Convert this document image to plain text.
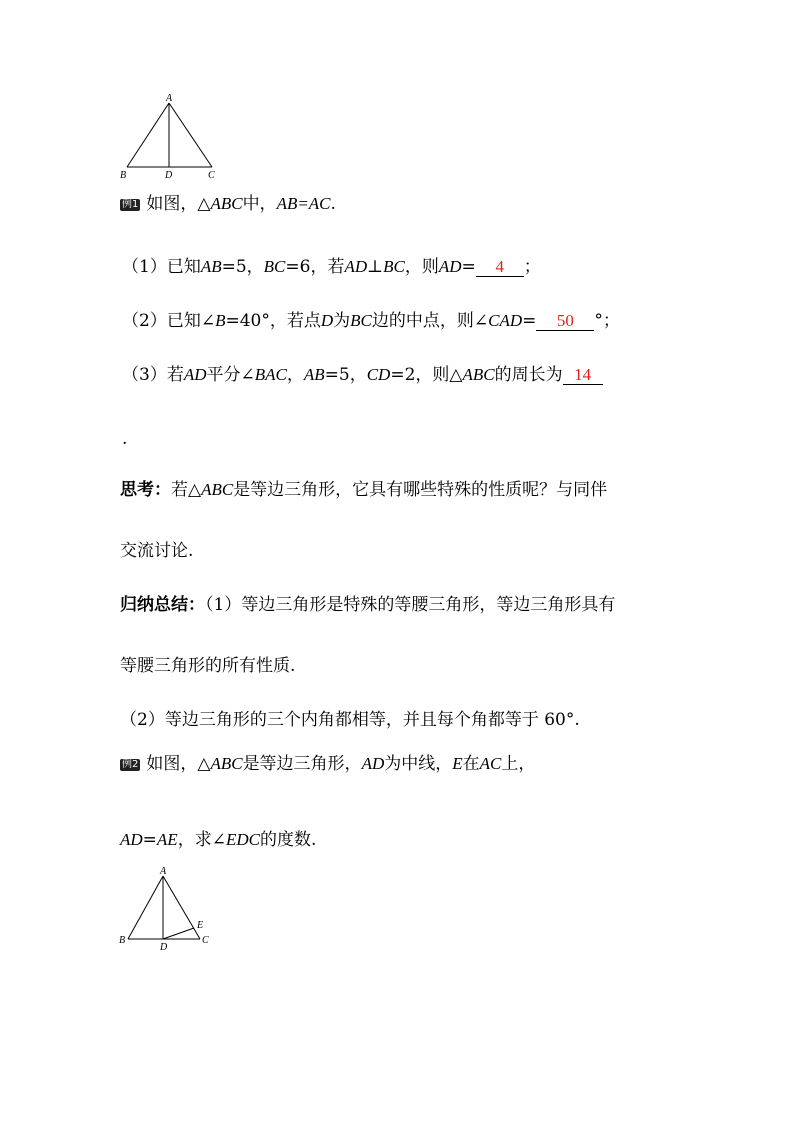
A
B	D	C
例1 如图，△ABC中，AB=AC.
（1）已知AB=5，BC=6，若AD⊥BC，则AD= 4 ；
（2）已知∠B=40°，若点D为BC边的中点，则∠CAD= 50 °；
（3）若AD平分∠BAC，AB=5，CD=2，则△ABC的周长为 14
.
思考：若△ABC是等边三角形，它具有哪些特殊的性质呢？与同伴
交流讨论.
归纳总结：（1）等边三角形是特殊的等腰三角形，等边三角形具有
等腰三角形的所有性质.
（2）等边三角形的三个内角都相等，并且每个角都等于 60°.
例2 如图，△ABC是等边三角形，AD为中线，E在AC上，
AD=AE，求∠EDC的度数.
A
B
D
C
E
